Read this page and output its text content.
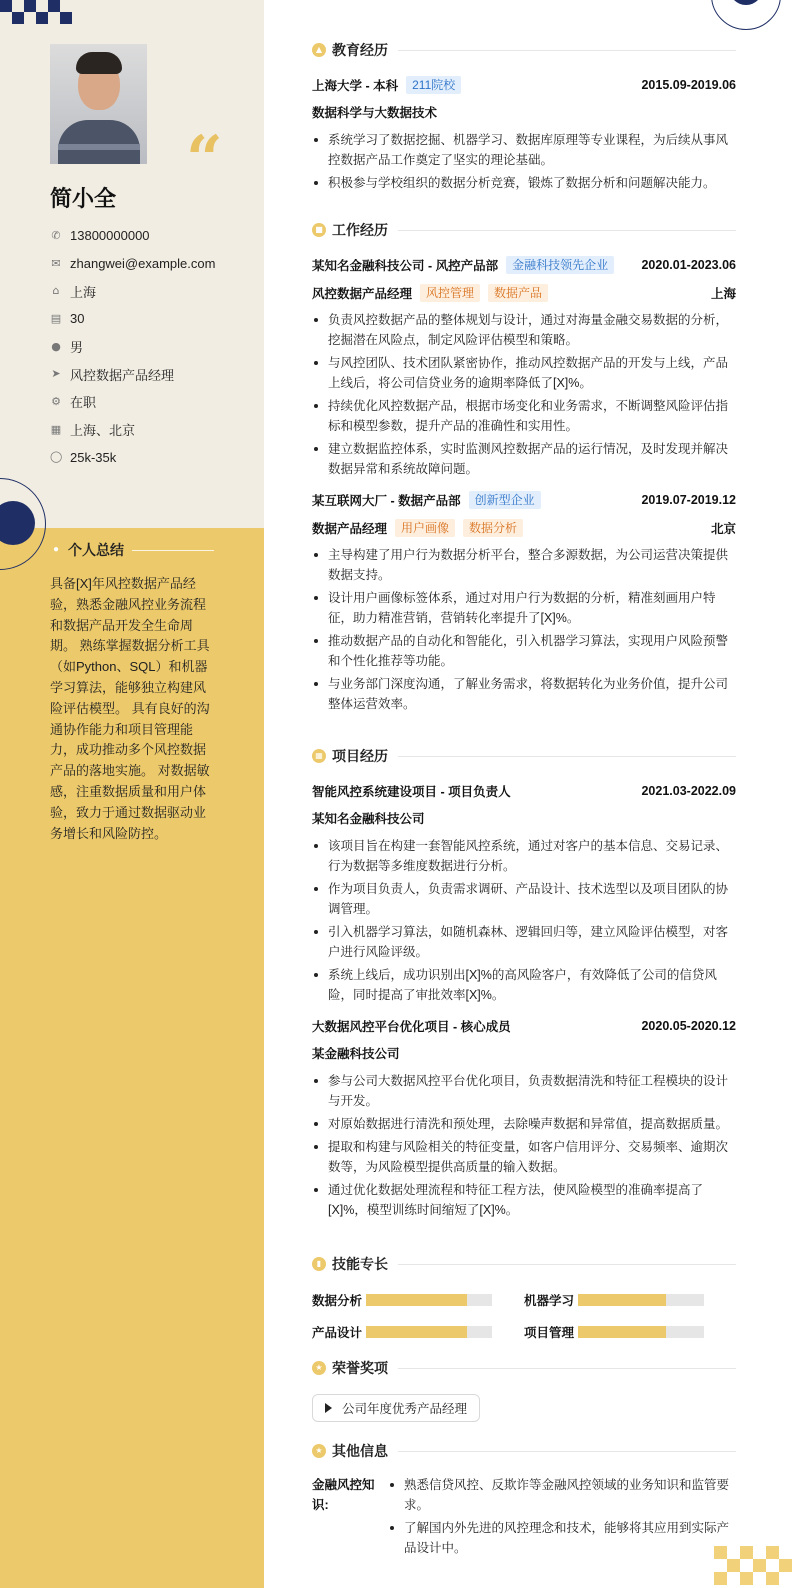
“
简小全
✆ 13800000000
✉ zhangwei@example.com
⌂ 上海
▤ 30
● 男
➤ 风控数据产品经理
⚙ 在职
▦ 上海、北京
◯ 25k-35k
● 个人总结
具备[X]年风控数据产品经验，熟悉金融风控业务流程和数据产品开发全生命周期。 熟练掌握数据分析工具（如Python、SQL）和机器学习算法，能够独立构建风险评估模型。 具有良好的沟通协作能力和项目管理能力，成功推动多个风控数据产品的落地实施。 对数据敏感，注重数据质量和用户体验，致力于通过数据驱动业务增长和风险防控。
▲ 教育经历
上海大学 - 本科	211院校	2015.09-2019.06
数据科学与大数据技术
系统学习了数据挖掘、机器学习、数据库原理等专业课程，为后续从事风控数据产品工作奠定了坚实的理论基础。
积极参与学校组织的数据分析竞赛，锻炼了数据分析和问题解决能力。
■ 工作经历
某知名金融科技公司 - 风控产品部	金融科技领先企业	2020.01-2023.06
风控数据产品经理	风控管理	数据产品	上海
负责风控数据产品的整体规划与设计，通过对海量金融交易数据的分析，挖掘潜在风险点，制定风险评估模型和策略。
与风控团队、技术团队紧密协作，推动风控数据产品的开发与上线，产品上线后，将公司信贷业务的逾期率降低了[X]%。
持续优化风控数据产品，根据市场变化和业务需求，不断调整风险评估指标和模型参数，提升产品的准确性和实用性。
建立数据监控体系，实时监测风控数据产品的运行情况，及时发现并解决数据异常和系统故障问题。
某互联网大厂 - 数据产品部	创新型企业	2019.07-2019.12
数据产品经理	用户画像	数据分析	北京
主导构建了用户行为数据分析平台，整合多源数据，为公司运营决策提供数据支持。
设计用户画像标签体系，通过对用户行为数据的分析，精准刻画用户特征，助力精准营销，营销转化率提升了[X]%。
推动数据产品的自动化和智能化，引入机器学习算法，实现用户风险预警和个性化推荐等功能。
与业务部门深度沟通，了解业务需求，将数据转化为业务价值，提升公司整体运营效率。
▦ 项目经历
智能风控系统建设项目 - 项目负责人	2021.03-2022.09
某知名金融科技公司
该项目旨在构建一套智能风控系统，通过对客户的基本信息、交易记录、行为数据等多维度数据进行分析。
作为项目负责人，负责需求调研、产品设计、技术选型以及项目团队的协调管理。
引入机器学习算法，如随机森林、逻辑回归等，建立风险评估模型，对客户进行风险评级。
系统上线后，成功识别出[X]%的高风险客户，有效降低了公司的信贷风险，同时提高了审批效率[X]%。
大数据风控平台优化项目 - 核心成员	2020.05-2020.12
某金融科技公司
参与公司大数据风控平台优化项目，负责数据清洗和特征工程模块的设计与开发。
对原始数据进行清洗和预处理，去除噪声数据和异常值，提高数据质量。
提取和构建与风险相关的特征变量，如客户信用评分、交易频率、逾期次数等，为风险模型提供高质量的输入数据。
通过优化数据处理流程和特征工程方法，使风险模型的准确率提高了[X]%，模型训练时间缩短了[X]%。
▮ 技能专长
数据分析	机器学习
产品设计	项目管理
★ 荣誉奖项
公司年度优秀产品经理
★ 其他信息
金融风控知识:
熟悉信贷风控、反欺诈等金融风控领域的业务知识和监管要求。
了解国内外先进的风控理念和技术，能够将其应用到实际产品设计中。
